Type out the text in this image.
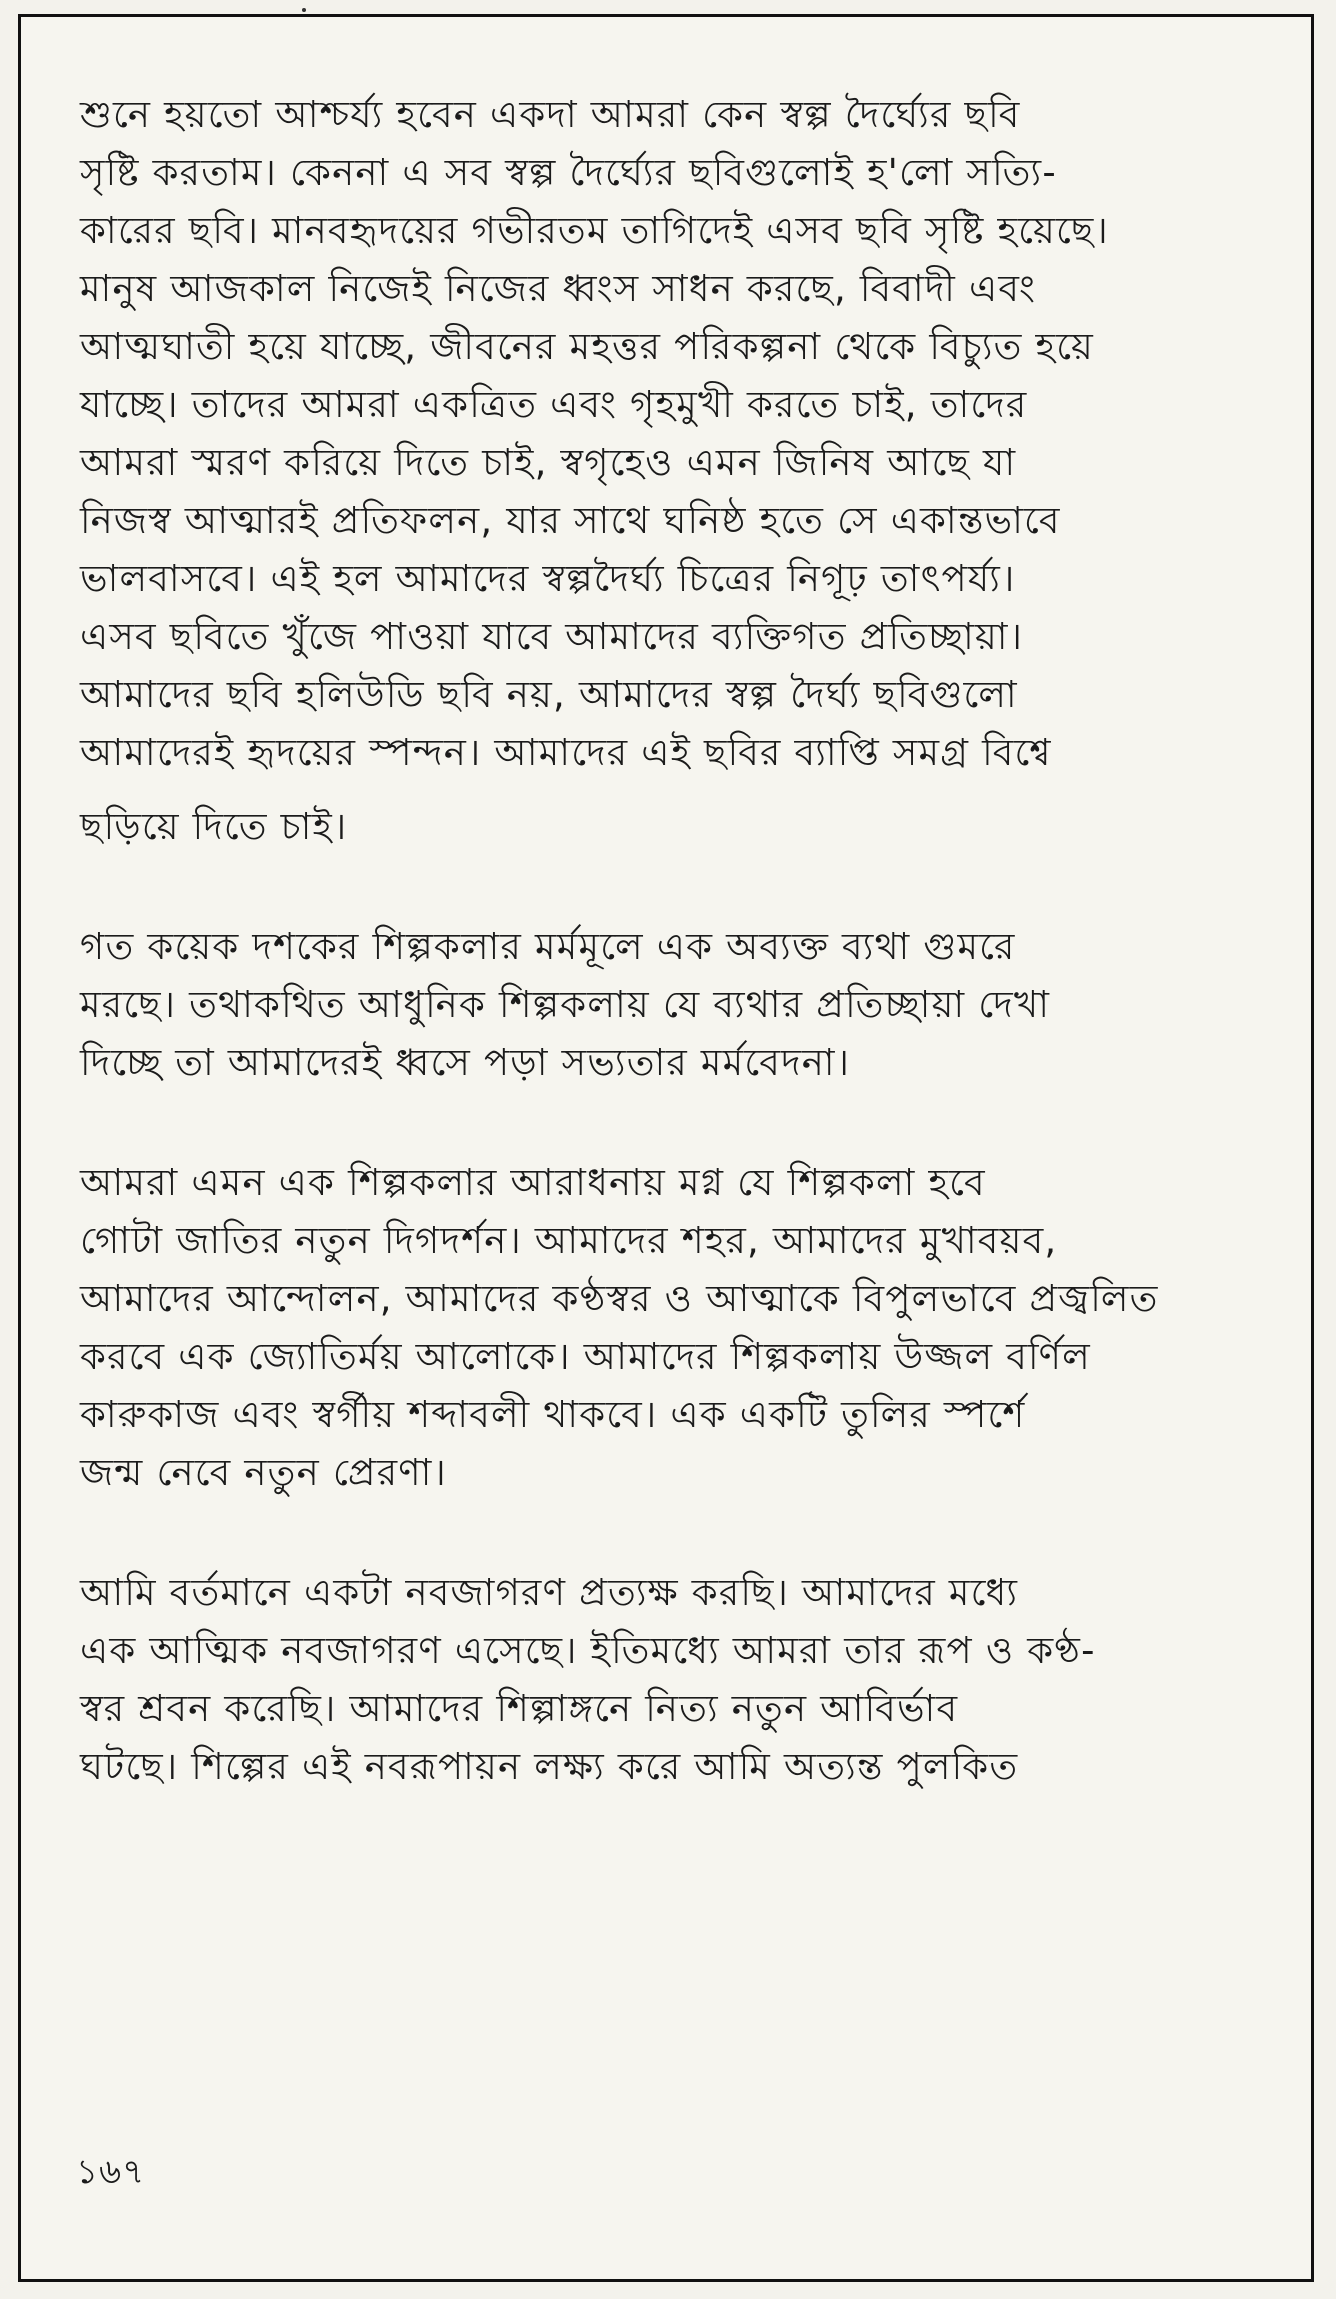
শুনে হয়তো আশ্চর্য্য হবেন একদা আমরা কেন স্বল্প দৈর্ঘ্যের ছবি
সৃষ্টি করতাম। কেননা এ সব স্বল্প দৈর্ঘ্যের ছবিগুলোই হ'লো সত্যি-
কারের ছবি। মানবহৃদয়ের গভীরতম তাগিদেই এসব ছবি সৃষ্টি হয়েছে।
মানুষ আজকাল নিজেই নিজের ধ্বংস সাধন করছে, বিবাদী এবং
আত্মঘাতী হয়ে যাচ্ছে, জীবনের মহত্তর পরিকল্পনা থেকে বিচ্যুত হয়ে
যাচ্ছে। তাদের আমরা একত্রিত এবং গৃহমুখী করতে চাই, তাদের
আমরা স্মরণ করিয়ে দিতে চাই, স্বগৃহেও এমন জিনিষ আছে যা
নিজস্ব আত্মারই প্রতিফলন, যার সাথে ঘনিষ্ঠ হতে সে একান্তভাবে
ভালবাসবে। এই হল আমাদের স্বল্পদৈর্ঘ্য চিত্রের নিগূঢ় তাৎপর্য্য।
এসব ছবিতে খুঁজে পাওয়া যাবে আমাদের ব্যক্তিগত প্রতিচ্ছায়া।
আমাদের ছবি হলিউডি ছবি নয়, আমাদের স্বল্প দৈর্ঘ্য ছবিগুলো
আমাদেরই হৃদয়ের স্পন্দন। আমাদের এই ছবির ব্যাপ্তি সমগ্র বিশ্বে
ছড়িয়ে দিতে চাই।
গত কয়েক দশকের শিল্পকলার মর্মমূলে এক অব্যক্ত ব্যথা গুমরে
মরছে। তথাকথিত আধুনিক শিল্পকলায় যে ব্যথার প্রতিচ্ছায়া দেখা
দিচ্ছে তা আমাদেরই ধ্বসে পড়া সভ্যতার মর্মবেদনা।
আমরা এমন এক শিল্পকলার আরাধনায় মগ্ন যে শিল্পকলা হবে
গোটা জাতির নতুন দিগদর্শন। আমাদের শহর, আমাদের মুখাবয়ব,
আমাদের আন্দোলন, আমাদের কণ্ঠস্বর ও আত্মাকে বিপুলভাবে প্রজ্বলিত
করবে এক জ্যোতির্ময় আলোকে। আমাদের শিল্পকলায় উজ্জল বর্ণিল
কারুকাজ এবং স্বর্গীয় শব্দাবলী থাকবে। এক একটি তুলির স্পর্শে
জন্ম নেবে নতুন প্রেরণা।
আমি বর্তমানে একটা নবজাগরণ প্রত্যক্ষ করছি। আমাদের মধ্যে
এক আত্মিক নবজাগরণ এসেছে। ইতিমধ্যে আমরা তার রূপ ও কণ্ঠ-
স্বর শ্রবন করেছি। আমাদের শিল্পাঙ্গনে নিত্য নতুন আবির্ভাব
ঘটছে। শিল্পের এই নবরূপায়ন লক্ষ্য করে আমি অত্যন্ত পুলকিত
১৬৭
